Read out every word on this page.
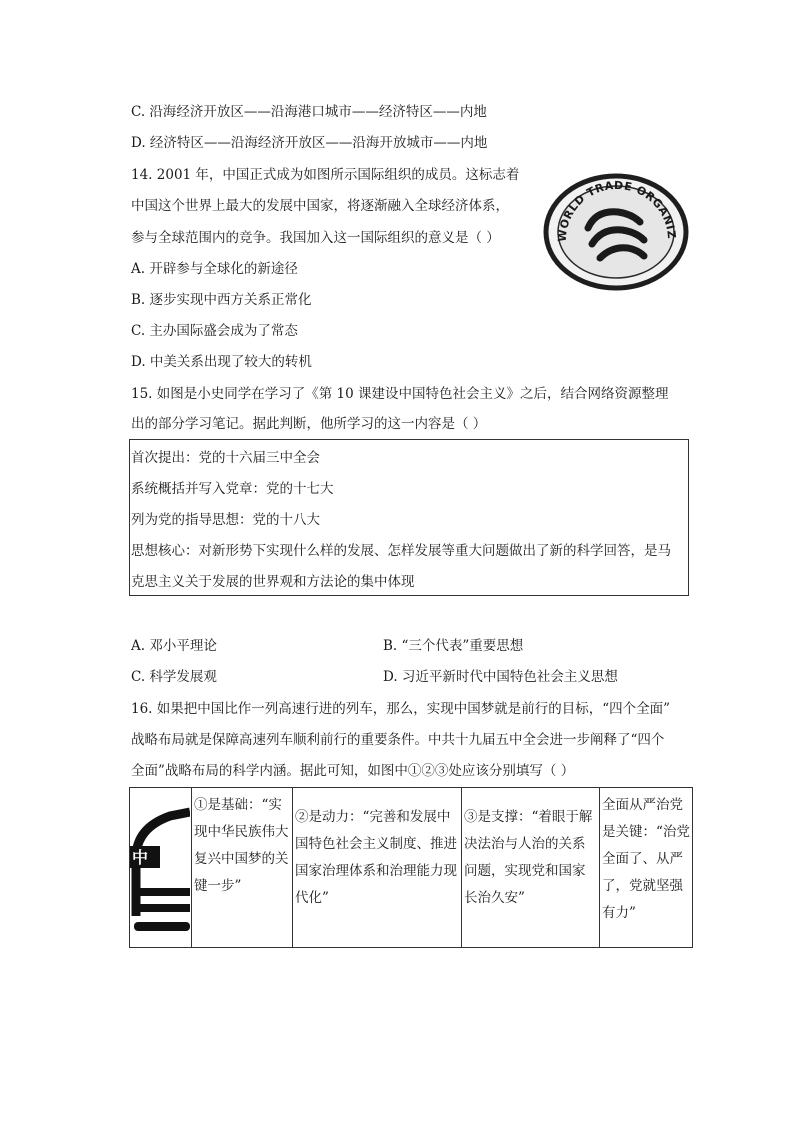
C. 沿海经济开放区——沿海港口城市——经济特区——内地
D. 经济特区——沿海经济开放区——沿海开放城市——内地
14. 2001 年，中国正式成为如图所示国际组织的成员。这标志着
中国这个世界上最大的发展中国家，将逐渐融入全球经济体系，
参与全球范围内的竞争。我国加入这一国际组织的意义是（ ）	WORLD TRADE ORGANIZ
A. 开辟参与全球化的新途径
B. 逐步实现中西方关系正常化
C. 主办国际盛会成为了常态
D. 中美关系出现了较大的转机
15. 如图是小史同学在学习了《第 10 课建设中国特色社会主义》之后，结合网络资源整理
出的部分学习笔记。据此判断，他所学习的这一内容是（ ）
首次提出：党的十六届三中全会
系统概括并写入党章：党的十七大
列为党的指导思想：党的十八大
思想核心：对新形势下实现什么样的发展、怎样发展等重大问题做出了新的科学回答，是马
克思主义关于发展的世界观和方法论的集中体现
A. 邓小平理论	B. “三个代表”重要思想
C. 科学发展观	D. 习近平新时代中国特色社会主义思想
16. 如果把中国比作一列高速行进的列车，那么，实现中国梦就是前行的目标，“四个全面”
战略布局就是保障高速列车顺利前行的重要条件。中共十九届五中全会进一步阐释了“四个
全面”战略布局的科学内涵。据此可知，如图中①②③处应该分别填写（ ）
中

①是基础：“实现中华民族伟大复兴中国梦的关键一步”

②是动力：“完善和发展中国特色社会主义制度、推进国家治理体系和治理能力现代化”

③是支撑：“着眼于解决法治与人治的关系问题，实现党和国家长治久安”

全面从严治党是关键：“治党全面了、从严了，党就坚强有力”
